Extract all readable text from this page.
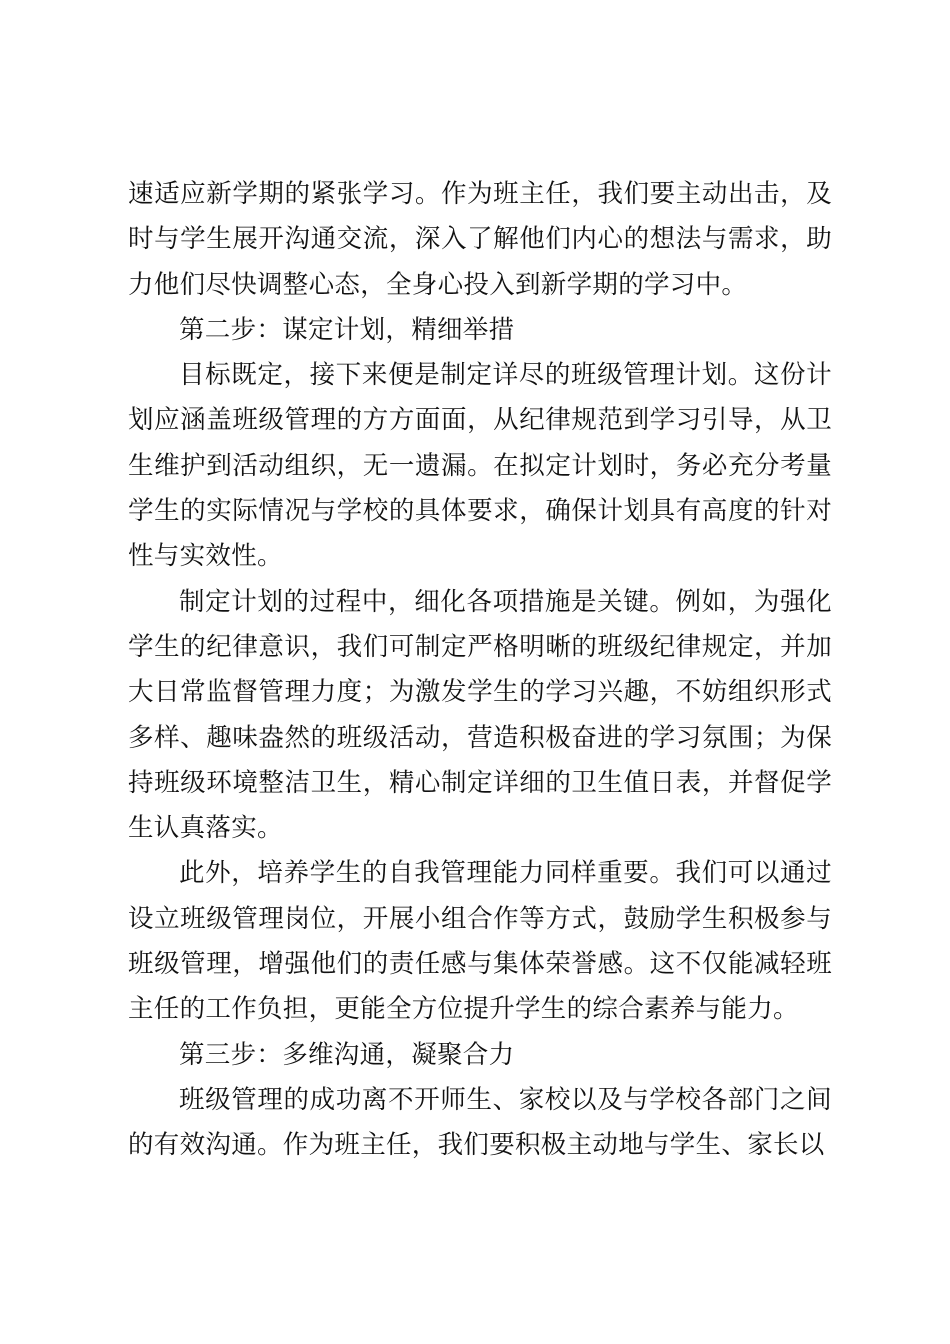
速适应新学期的紧张学习。作为班主任，我们要主动出击，及时与学生展开沟通交流，深入了解他们内心的想法与需求，助力他们尽快调整心态，全身心投入到新学期的学习中。

第二步：谋定计划，精细举措

目标既定，接下来便是制定详尽的班级管理计划。这份计划应涵盖班级管理的方方面面，从纪律规范到学习引导，从卫生维护到活动组织，无一遗漏。在拟定计划时，务必充分考量学生的实际情况与学校的具体要求，确保计划具有高度的针对性与实效性。

制定计划的过程中，细化各项措施是关键。例如，为强化学生的纪律意识，我们可制定严格明晰的班级纪律规定，并加大日常监督管理力度；为激发学生的学习兴趣，不妨组织形式多样、趣味盎然的班级活动，营造积极奋进的学习氛围；为保持班级环境整洁卫生，精心制定详细的卫生值日表，并督促学生认真落实。

此外，培养学生的自我管理能力同样重要。我们可以通过设立班级管理岗位，开展小组合作等方式，鼓励学生积极参与班级管理，增强他们的责任感与集体荣誉感。这不仅能减轻班主任的工作负担，更能全方位提升学生的综合素养与能力。

第三步：多维沟通，凝聚合力

班级管理的成功离不开师生、家校以及与学校各部门之间的有效沟通。作为班主任，我们要积极主动地与学生、家长以
